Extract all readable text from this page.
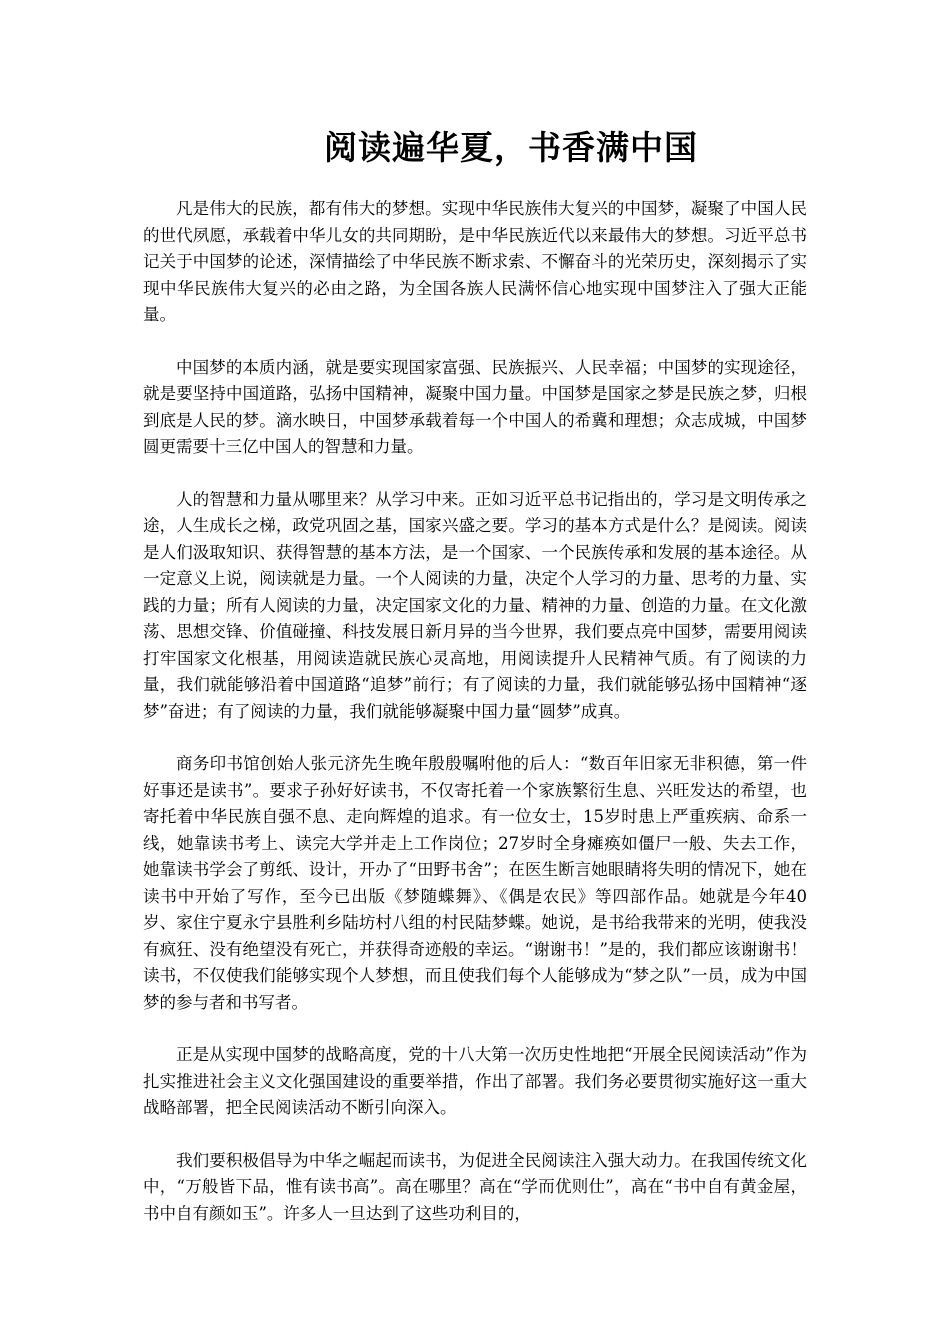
阅读遍华夏，书香满中国

凡是伟大的民族，都有伟大的梦想。实现中华民族伟大复兴的中国梦，凝聚了中国人民的世代夙愿，承载着中华儿女的共同期盼，是中华民族近代以来最伟大的梦想。习近平总书记关于中国梦的论述，深情描绘了中华民族不断求索、不懈奋斗的光荣历史，深刻揭示了实现中华民族伟大复兴的必由之路，为全国各族人民满怀信心地实现中国梦注入了强大正能量。

中国梦的本质内涵，就是要实现国家富强、民族振兴、人民幸福；中国梦的实现途径，就是要坚持中国道路，弘扬中国精神，凝聚中国力量。中国梦是国家之梦是民族之梦，归根到底是人民的梦。滴水映日，中国梦承载着每一个中国人的希冀和理想；众志成城，中国梦圆更需要十三亿中国人的智慧和力量。

人的智慧和力量从哪里来？从学习中来。正如习近平总书记指出的，学习是文明传承之途，人生成长之梯，政党巩固之基，国家兴盛之要。学习的基本方式是什么？是阅读。阅读是人们汲取知识、获得智慧的基本方法，是一个国家、一个民族传承和发展的基本途径。从一定意义上说，阅读就是力量。一个人阅读的力量，决定个人学习的力量、思考的力量、实践的力量；所有人阅读的力量，决定国家文化的力量、精神的力量、创造的力量。在文化激荡、思想交锋、价值碰撞、科技发展日新月异的当今世界，我们要点亮中国梦，需要用阅读打牢国家文化根基，用阅读造就民族心灵高地，用阅读提升人民精神气质。有了阅读的力量，我们就能够沿着中国道路“追梦”前行；有了阅读的力量，我们就能够弘扬中国精神“逐梦”奋进；有了阅读的力量，我们就能够凝聚中国力量“圆梦”成真。

商务印书馆创始人张元济先生晚年殷殷嘱咐他的后人：“数百年旧家无非积德，第一件好事还是读书”。要求子孙好好读书，不仅寄托着一个家族繁衍生息、兴旺发达的希望，也寄托着中华民族自强不息、走向辉煌的追求。有一位女士，15岁时患上严重疾病、命系一线，她靠读书考上、读完大学并走上工作岗位；27岁时全身瘫痪如僵尸一般、失去工作，她靠读书学会了剪纸、设计，开办了“田野书舍”；在医生断言她眼睛将失明的情况下，她在读书中开始了写作，至今已出版《梦随蝶舞》、《偶是农民》等四部作品。她就是今年40岁、家住宁夏永宁县胜利乡陆坊村八组的村民陆梦蝶。她说，是书给我带来的光明，使我没有疯狂、没有绝望没有死亡，并获得奇迹般的幸运。“谢谢书！”是的，我们都应该谢谢书！读书，不仅使我们能够实现个人梦想，而且使我们每个人能够成为“梦之队”一员，成为中国梦的参与者和书写者。

正是从实现中国梦的战略高度，党的十八大第一次历史性地把“开展全民阅读活动”作为扎实推进社会主义文化强国建设的重要举措，作出了部署。我们务必要贯彻实施好这一重大战略部署，把全民阅读活动不断引向深入。

我们要积极倡导为中华之崛起而读书，为促进全民阅读注入强大动力。在我国传统文化中，“万般皆下品，惟有读书高”。高在哪里？高在“学而优则仕”，高在“书中自有黄金屋，书中自有颜如玉”。许多人一旦达到了这些功利目的，
